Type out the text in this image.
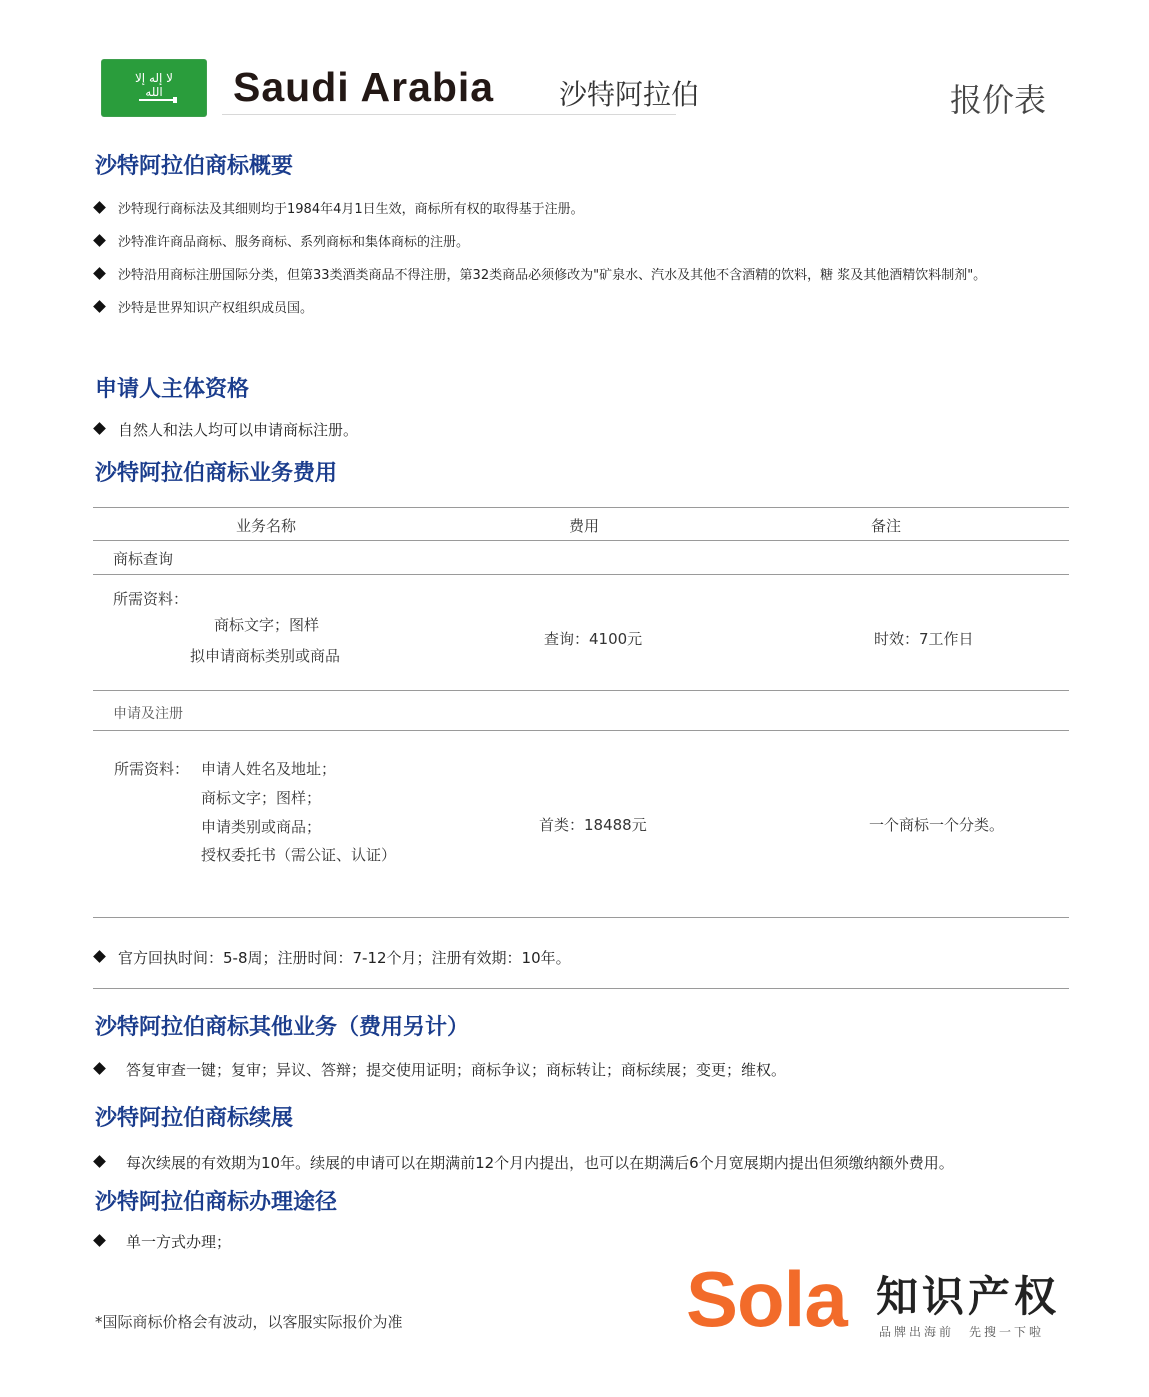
ﻻ إله إلا الله	Saudi Arabia 沙特阿拉伯	报价表
沙特阿拉伯商标概要
沙特现行商标法及其细则均于1984年4月1日生效，商标所有权的取得基于注册。
沙特准许商品商标、服务商标、系列商标和集体商标的注册。
沙特沿用商标注册国际分类，但第33类酒类商品不得注册，第32类商品必须修改为"矿泉水、汽水及其他不含酒精的饮料，糖 浆及其他酒精饮料制剂"。
沙特是世界知识产权组织成员国。
申请人主体资格
自然人和法人均可以申请商标注册。
沙特阿拉伯商标业务费用
业务名称	费用	备注
商标查询
所需资料：
商标文字；图样
拟申请商标类别或商品
查询：4100元	时效：7工作日
申请及注册
所需资料： 申请人姓名及地址；
商标文字；图样；
申请类别或商品；
授权委托书（需公证、认证）
首类：18488元	一个商标一个分类。
官方回执时间：5-8周；注册时间：7-12个月；注册有效期：10年。
沙特阿拉伯商标其他业务（费用另计）
答复审查一键；复审；异议、答辩；提交使用证明；商标争议；商标转让；商标续展；变更；维权。
沙特阿拉伯商标续展
每次续展的有效期为10年。续展的申请可以在期满前12个月内提出，也可以在期满后6个月宽展期内提出但须缴纳额外费用。
沙特阿拉伯商标办理途径
单一方式办理；
*国际商标价格会有波动，以客服实际报价为准	Sola 知识产权
品牌出海前　先搜一下啦
